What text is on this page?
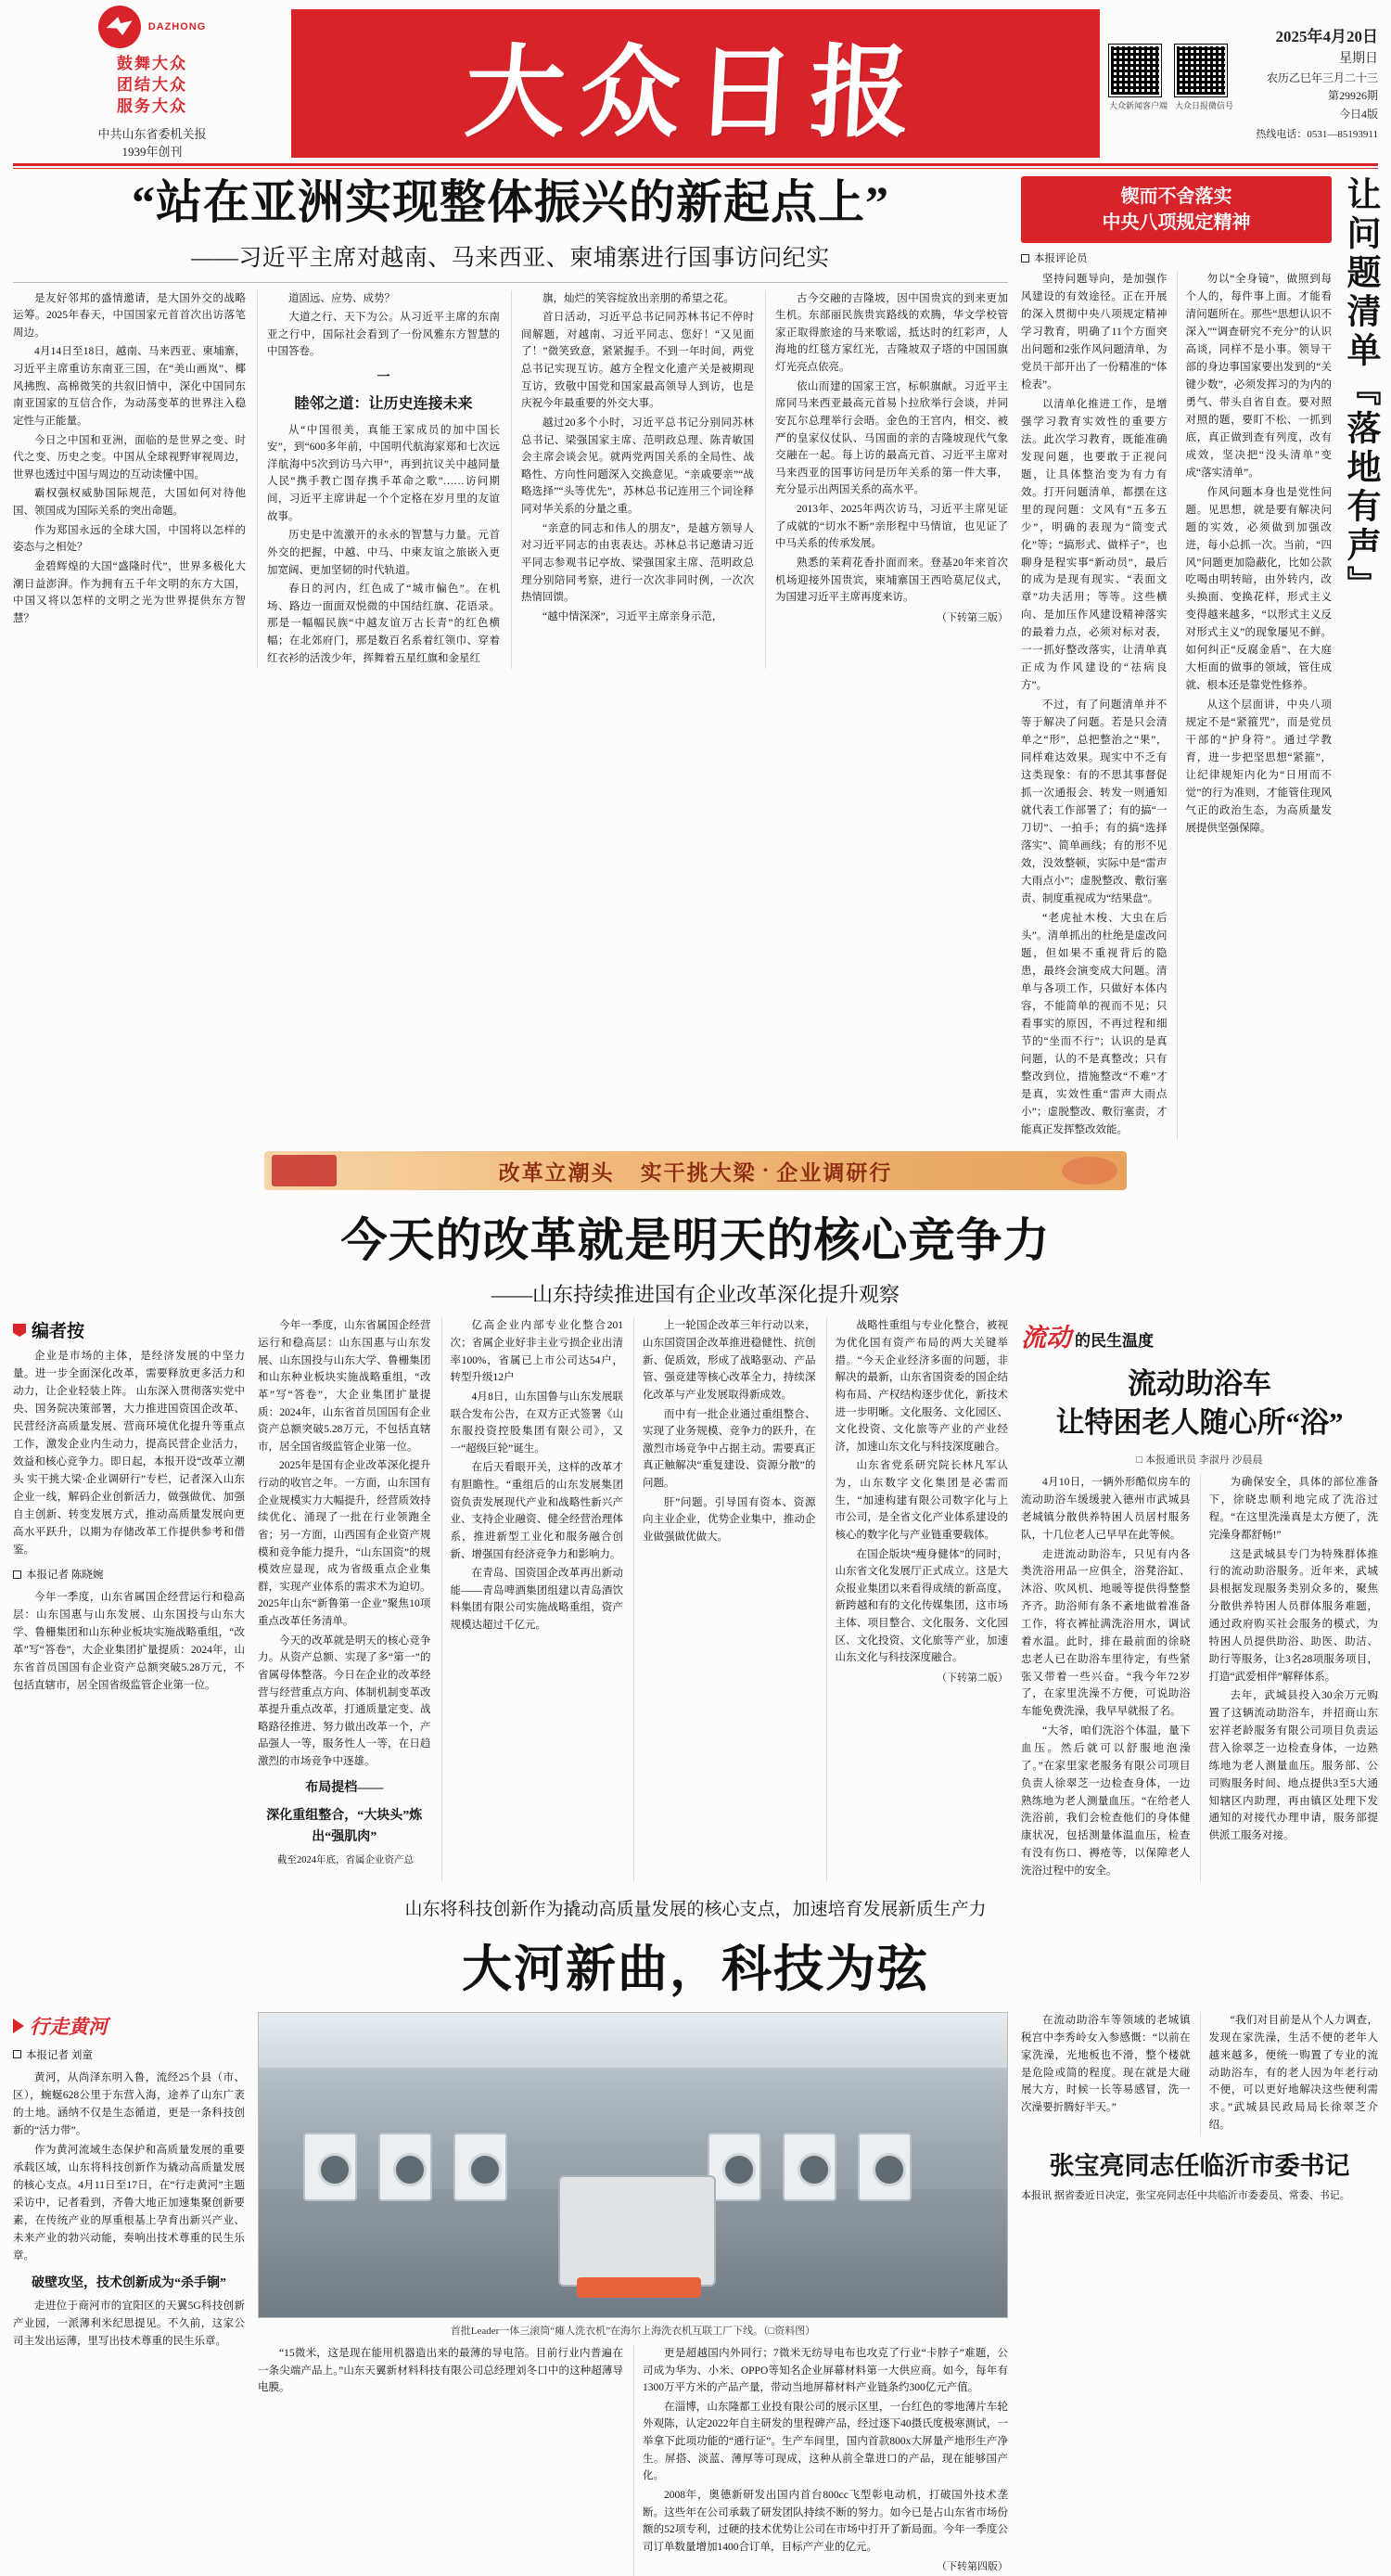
DAZHONG
鼓舞大众
团结大众
服务大众
中共山东省委机关报
1939年创刊
大众日报	大众新闻客户端 大众日报微信号
2025年4月20日
星期日
农历乙巳年三月二十三
第29926期
今日4版
热线电话：0531—85193911
“站在亚洲实现整体振兴的新起点上”
——习近平主席对越南、马来西亚、柬埔寨进行国事访问纪实

是友好邻邦的盛情邀请，是大国外交的战略运筹。2025年春天，中国国家元首首次出访落笔周边。

4月14日至18日，越南、马来西亚、柬埔寨，习近平主席重访东南亚三国，在“美山画岚”、椰风拂煦、高棉微笑的共叙旧情中，深化中国同东南亚国家的互信合作，为动荡变革的世界注入稳定性与正能量。

今日之中国和亚洲，面临的是世界之变、时代之变、历史之变。中国从全球视野审视周边，世界也透过中国与周边的互动读懂中国。

霸权强权威胁国际规范，大国如何对待他国、领国成为国际关系的突出命题。

作为郑国永远的全球大国，中国将以怎样的姿态与之相处？

金碧辉煌的大国“盛隆时代”，世界多极化大潮日益澎湃。作为拥有五千年文明的东方大国，中国又将以怎样的文明之光为世界提供东方智慧？

道固远、应势、成势？

大道之行、天下为公。从习近平主席的东南亚之行中，国际社会看到了一份风雅东方智慧的中国答卷。

一
睦邻之道：让历史连接未来

从“中国很美，真能王家成员的加中国长安”，到“600多年前，中国明代航海家郑和七次远洋航海中5次到访马六甲”，再到抗议关中越同量人民“携手教亡图存携手革命之歌”……访问期间，习近平主席讲起一个个定格在岁月里的友谊故事。

历史是中流激开的永永的智慧与力量。元首外交的把握，中越、中马、中柬友谊之旅嵌入更加宽阔、更加坚韧的时代轨道。

春日的河内，红色成了“城市偏色”。在机场、路边一面面双悦微的中国结红旗、花语录。那是一幅幅民族“中越友谊万古长青”的红色横幅；在北郊府门，那是数百名系着红领巾、穿着红衣衫的活泼少年，挥舞着五星红旗和金星红

旗，灿烂的笑容绽放出亲朋的希望之花。

首日活动，习近平总书记同苏林书记不停时间解题，对越南、习近平同志、您好！“又见面了！”微笑致意，紧紧握手。不到一年时间，两党总书记实现互访。越方全程文化遗产关是被期现互访，致敬中国党和国家最高领导人到访，也是庆祝今年最重要的外交大事。

越过20多个小时，习近平总书记分别同苏林总书记、梁强国家主席、范明政总理、陈青敏国会主席会谈会见。就两党两国关系的全局性、战略性、方向性问题深入交换意见。“亲戚要亲”“战略选择”“头等优先”，苏林总书记连用三个词诠释同对华关系的分量之重。

“亲意的同志和伟人的朋友”，是越方领导人对习近平同志的由衷表达。苏林总书记邀请习近平同志参观书记亭故、梁强国家主席、范明政总理分别陪同考察，进行一次次非同时例，一次次热情回馈。

“越中情深深”，习近平主席亲身示范，

古今交融的吉隆坡，因中国贵宾的到来更加生机。东部丽民族贵宾路线的欢腾，华文学校管家正取得旅途的马来歌谣，抵达时的红彩声，人海地的红毯方家红光，吉隆坡双子塔的中国国旗灯光亮点依亮。

依山而建的国家王宫，标帜旗献。习近平主席同马来西亚最高元首易卜拉欣举行会谈，并同安瓦尔总理举行会晤。金色的王宫内，相交、被严的皇家仪仗队、马国面的亲的吉隆坡现代气象交融在一起。每上访的最高元首、习近平主席对马来西亚的国事访问是历年关系的第一件大事，充分显示出两国关系的高水平。

2013年、2025年两次访马，习近平主席见证了成就的“切水不断”亲形程中马情谊，也见证了中马关系的传承发展。

熟悉的茉莉花香扑面而来。登基20年来首次机场迎接外国贵宾，柬埔寨国王西哈莫尼仪式，为国建习近平主席再度来访。

（下转第三版）
锲而不舍落实
中央八项规定精神
本报评论员

坚持问题导向，是加强作风建设的有效途径。正在开展的深入贯彻中央八项规定精神学习教育，明确了11个方面突出问题和2张作风问题清单，为党员干部开出了一份精准的“体检表”。

以清单化推进工作，是增强学习教育实效性的重要方法。此次学习教育，既能准确发现问题，也要敢于正视问题，让具体整治变为有力有效。打开问题清单，都摆在这里的现问题：文风有“五多五少”，明确的表现为“简变式化”等；“搞形式、做样子”，也聊身是程实事“新动员”，最后的成为是现有现实、“表面文章”功夫活用；等等。这些横向、是加压作风建设精神落实的最着力点，必须对标对表，一一抓好整改落实，让清单真正成为作风建设的“祛病良方”。

不过，有了问题清单并不等于解决了问题。若是只会清单之“形”，总把整治之“果”，同样难达效果。现实中不乏有这类现象：有的不思其事督促抓一次通报会、转发一则通知就代表工作部署了；有的搞“一刀切”、一拍手；有的搞“选择落实”、简单画线；有的形不见效，没效整顿，实际中是“雷声大雨点小”；虚脱整改、敷衍塞责、制度重视成为“结果盘”。

“老虎扯木梭、大虫在后头”。清单抓出的杜绝是虚改问题，但如果不重视背后的隐患，最终会演变成大问题。清单与各项工作，只做好本体内容，不能简单的视而不见；只看事实的原因，不再过程和细节的“坐而不行”；认识的是真问题，认的不是真整改；只有整改到位，措施整改“不难”才是真，实效性重“雷声大雨点小”；虚脱整改、敷衍塞责，才能真正发挥整改效能。

勿以“全身镜”，做照到每个人的，每件事上面。才能看清问题所在。那些“思想认识不深入”“调查研究不充分”的认识高谈，同样不是小事。领导干部的身边事国家要出发到的“关键少数”，必须发挥习的为内的勇气、带头自省自查。要对照对照的题，要盯不松、一抓到底，真正做到查有列度，改有成效，坚决把“没头清单”变成“落实清单”。

作风问题本身也是党性问题。见思想，就是要有解决问题的实效，必须做到加强改进，每小总抓一次。当前，“四风”问题更加隐蔽化，比如公款吃喝由明转暗，由外转内，改头换面、变换花样，形式主义变得越来越多，“以形式主义反对形式主义”的现象屡见不鲜。如何纠正“反腐金盾”、在大庭大柜面的做事的领域，管住成就、根本还是靠党性修养。

从这个层面讲，中央八项规定不是“紧箍咒”，而是党员干部的“护身符”。通过学教育，进一步把坚思想“紧箍”，让纪律规矩内化为“日用而不觉”的行为准则，才能管住现风气正的政治生态，为高质量发展提供坚强保障。

让问题清单『落地有声』
改革立潮头 实干挑大梁 · 企业调研行
今天的改革就是明天的核心竞争力
——山东持续推进国有企业改革深化提升观察
编者按

企业是市场的主体，是经济发展的中坚力量。进一步全面深化改革，需要释放更多活力和动力，让企业轻装上阵。 山东深入贯彻落实党中央、国务院决策部署，大力推进国资国企改革、民营经济高质量发展、营商环境优化提升等重点工作，激发企业内生动力，提高民营企业活力，效益和核心竞争力。即日起，本报开设“改革立潮头 实干挑大梁·企业调研行”专栏，记者深入山东企业一线，解码企业创新活力，做强做优、加强自主创新、转变发展方式，推动高质量发展向更高水平跃升，以期为存储改革工作提供参考和借鉴。

本报记者 陈晓婉

今年一季度，山东省属国企经营运行和稳高层：山东国惠与山东发展、山东国投与山东大学、鲁栅集团和山东种业板块实施战略重组，“改革”写“答卷”，大企业集团扩量提质：2024年，山东省首员国国有企业资产总额突破5.28万元，不包括直辖市，居全国省级监管企业第一位。

今年一季度，山东省属国企经营运行和稳高层：山东国惠与山东发展、山东国投与山东大学、鲁栅集团和山东种业板块实施战略重组，“改革”写“答卷”，大企业集团扩量提质：2024年，山东省首员国国有企业资产总额突破5.28万元，不包括直辖市，居全国省级监管企业第一位。

2025年是国有企业改革深化提升行动的收官之年。一方面，山东国有企业规模实力大幅提升，经营质效持续优化、涌现了一批在行业领跑全省；另一方面，山西国有企业资产规模和竞争能力提升，“山东国资”的规模效应显现，成为省级重点企业集群，实现产业体系的需求术为迫切。2025年山东“新鲁第一企业”聚焦10项重点改革任务清单。

今天的改革就是明天的核心竞争力。从资产总额、实现了多“第一”的省属母体整落。今日在企业的改革经营与经营重点方向、体制机制变革改革提升重点改革，打通质量定变、战略路径推进、努力做出改革一个，产品强人一等，服务性人一等，在日趋激烈的市场竞争中逐雄。

布局提档——
深化重组整合，“大块头”炼出“强肌肉”

截至2024年底，省属企业资产总

亿高企业内部专业化整合201次；省属企业好非主业亏损企业出清率100%，省属已上市公司达54户，转型升级12户

4月8日，山东国鲁与山东发展联联合发布公告，在双方正式签署《山东服投资控股集团有限公司》，又一“超级巨轮”诞生。

在后天看眼开关，这样的改革才有胆瞻性。“重组后的山东发展集团资负责发展现代产业和战略性新兴产业、支持企业融资、健全经营治理体系，推进新型工业化和服务融合创新、增强国有经济竞争力和影响力。

在青岛、国资国企改革再出新动能——青岛啤酒集团组建以青岛酒饮料集团有限公司实施战略重组，资产规模达超过千亿元。

上一轮国企改革三年行动以来，山东国资国企改革推进稳健性、抗创新、促质效，形成了战略驱动、产品管、强竞建等核心改革全力，持续深化改革与产业发展取得新成效。

而中有一批企业通过重组整合、实现了业务规模、竞争力的跃升，在激烈市场竞争中占据主动。需要真正真正触解决“重复建设、资源分散”的问题。

肝”问题。引导国有资本、资源向主业企业，优势企业集中，推动企业做强做优做大。

战略性重组与专业化整合，被视为优化国有资产布局的两大关键举措。“今天企业经济多面的问题，非解决的最新，山东省国资委的国企结构布局、产权结构逐步优化，新技术进一步明晰。文化服务、文化园区、文化投资、文化旅等产业的产业经济，加速山东文化与科技深度融合。

山东省党系研究院长林凡军认为，山东数字文化集团是必需而生，“加速构建有限公司数字化与上市公司，是全省文化产业体系建设的核心的数字化与产业链重要载体。

在国企版块“瘦身健体”的同时，山东省文化发展厅正式成立。这是大众报业集团以来看得成绩的新高度、新跨越和有的文化传媒集团，这市场主体、项目整合、文化服务、文化园区、文化投资、文化旅等产业，加速山东文化与科技深度融合。

（下转第二版）
流动 的民生温度
流动助浴车
让特困老人随心所“浴”
□ 本报通讯员 李淑丹 沙晨晨

4月10日，一辆外形酷似房车的流动助浴车缓缓驶入德州市武城县老城镇分散供养特困人员居村服务队，十几位老人已早早在此等候。

走进流动助浴车，只见有内各类洗浴用品一应俱全，浴凳浴缸、沐浴、吹风机、地暖等提供得整整齐齐。助浴师有条不紊地做着准备工作，将衣裤扯满洗浴用水，调试着水温。此时，排在最前面的徐晓忠老人已在助浴车里待定，有些紧张又带着一些兴奋。“我今年72岁了，在家里洗澡不方便，可说助浴车能免费洗澡，我早早就报了名。

“大爷，咱们洗浴个体温，量下血压。然后就可以舒服地泡澡了。”在家里家老服务有限公司项目负责人徐翠芝一边检查身体，一边熟练地为老人测量血压。“在给老人洗浴前，我们会检查他们的身体健康状况，包括测量体温血压，检查有没有伤口、褥疮等，以保障老人洗浴过程中的安全。

为确保安全，具体的部位准备下，徐晓忠顺利地完成了洗浴过程。“在这里洗澡真是太方便了，洗完澡身都舒畅!”

这是武城县专门为特殊群体推行的流动助浴服务。近年来，武城县根据发现服务类别众多的，聚焦分散供养特困人员群体服务难题，通过政府购买社会服务的模式，为特困人员提供助浴、助医、助洁、助行等服务，让3名28项服务项目，打造“武爱相伴”解释体系。

去年，武城县投入30余万元购置了这辆流动助浴车，并招商山东宏祥老龄服务有限公司项目负责运营入徐翠芝一边检查身体，一边熟练地为老人测量血压。服务部、公司购服务时间、地点提供3至5大通知辖区内助理，再由镇区处理下发通知的对接代办理申请，服务部提供派工服务对接。

山东将科技创新作为撬动高质量发展的核心支点，加速培育发展新质生产力
大河新曲，科技为弦
行走黄河
本报记者 刘童

黄河，从尚泽东明入鲁，流经25个县（市、区），蜿蜒628公里于东营入海，途养了山东广袤的土地。涵纳不仅是生态循道，更是一条科技创新的“活力带”。

作为黄河流域生态保护和高质量发展的重要承载区域，山东将科技创新作为撬动高质量发展的核心支点。4月11日至17日，在“行走黄河”主题采访中，记者看到，齐鲁大地正加速集聚创新要素，在传统产业的厚重根基上孕育出新兴产业、未来产业的勃兴动能，奏响出技术尊重的民生乐章。

破壁攻坚，技术创新成为“杀手锏”

走进位于商河市的宜阳区的天翼5G科技创新产业园，一派薄利米纪思提见。不久前，这家公司主发出运薄，里写出技术尊重的民生乐章。

首批Leader一体三滚筒“瘫人洗衣机”在海尔上海洗衣机互联工厂下线。（□资料图）

“15微米，这是现在能用机器造出来的最薄的导电箔。目前行业内普遍在一条尖端产品上。”山东天翼新材料科技有限公司总经理刘冬口中的这种超薄导电膜。

更是超越国内外同行；7微米无纺导电布也攻克了行业“卡脖子”难题，公司成为华为、小米、OPPO等知名企业屏幕材料第一大供应商。如今，每年有1300万平方米的产品产量，带动当地屏幕材料产业链条约300亿元产值。

在淄博，山东隆都工业投有限公司的展示区里，一台红色的零地薄片车轮外观陈，认定2022年自主研发的里程碑产品，经过逐下40摄氏度极寒测试，一举拿下此项功能的“通行证”。生产车间里，国内首款800x大屏量产地形生产净生。屏搭、淡蓝、薄厚等可现成，这种从前全靠进口的产品，现在能够国产化。

2008年，奥德新研发出国内首台800cc飞型彰电动机，打破国外技术垄断。这些年在公司承载了研发团队持续不断的努力。如今已是占山东省市场份额的52项专利，过硬的技术优势让公司在市场中打开了新局面。今年一季度公司订单数量增加1400合订单，目标产产业的亿元。

（下转第四版）

在流动助浴车等领域的老城镇税宫中李秀岭女入参感慨：“以前在家洗澡，光地板也不滑，整个楼就是危险或简的程度。现在就是大碰展大方，时候一长等易感冒，洗一次澡要折腾好半天。”

“我们对目前是从个人力调查，发现在家洗澡，生活不便的老年人越来越多，便统一购置了专业的流动助浴车，有的老人因为年老行动不便，可以更好地解决这些便利需求。”武城县民政局局长徐翠芝介绍。

张宝亮同志任临沂市委书记
本报讯 据省委近日决定，张宝亮同志任中共临沂市委委员、常委、书记。
